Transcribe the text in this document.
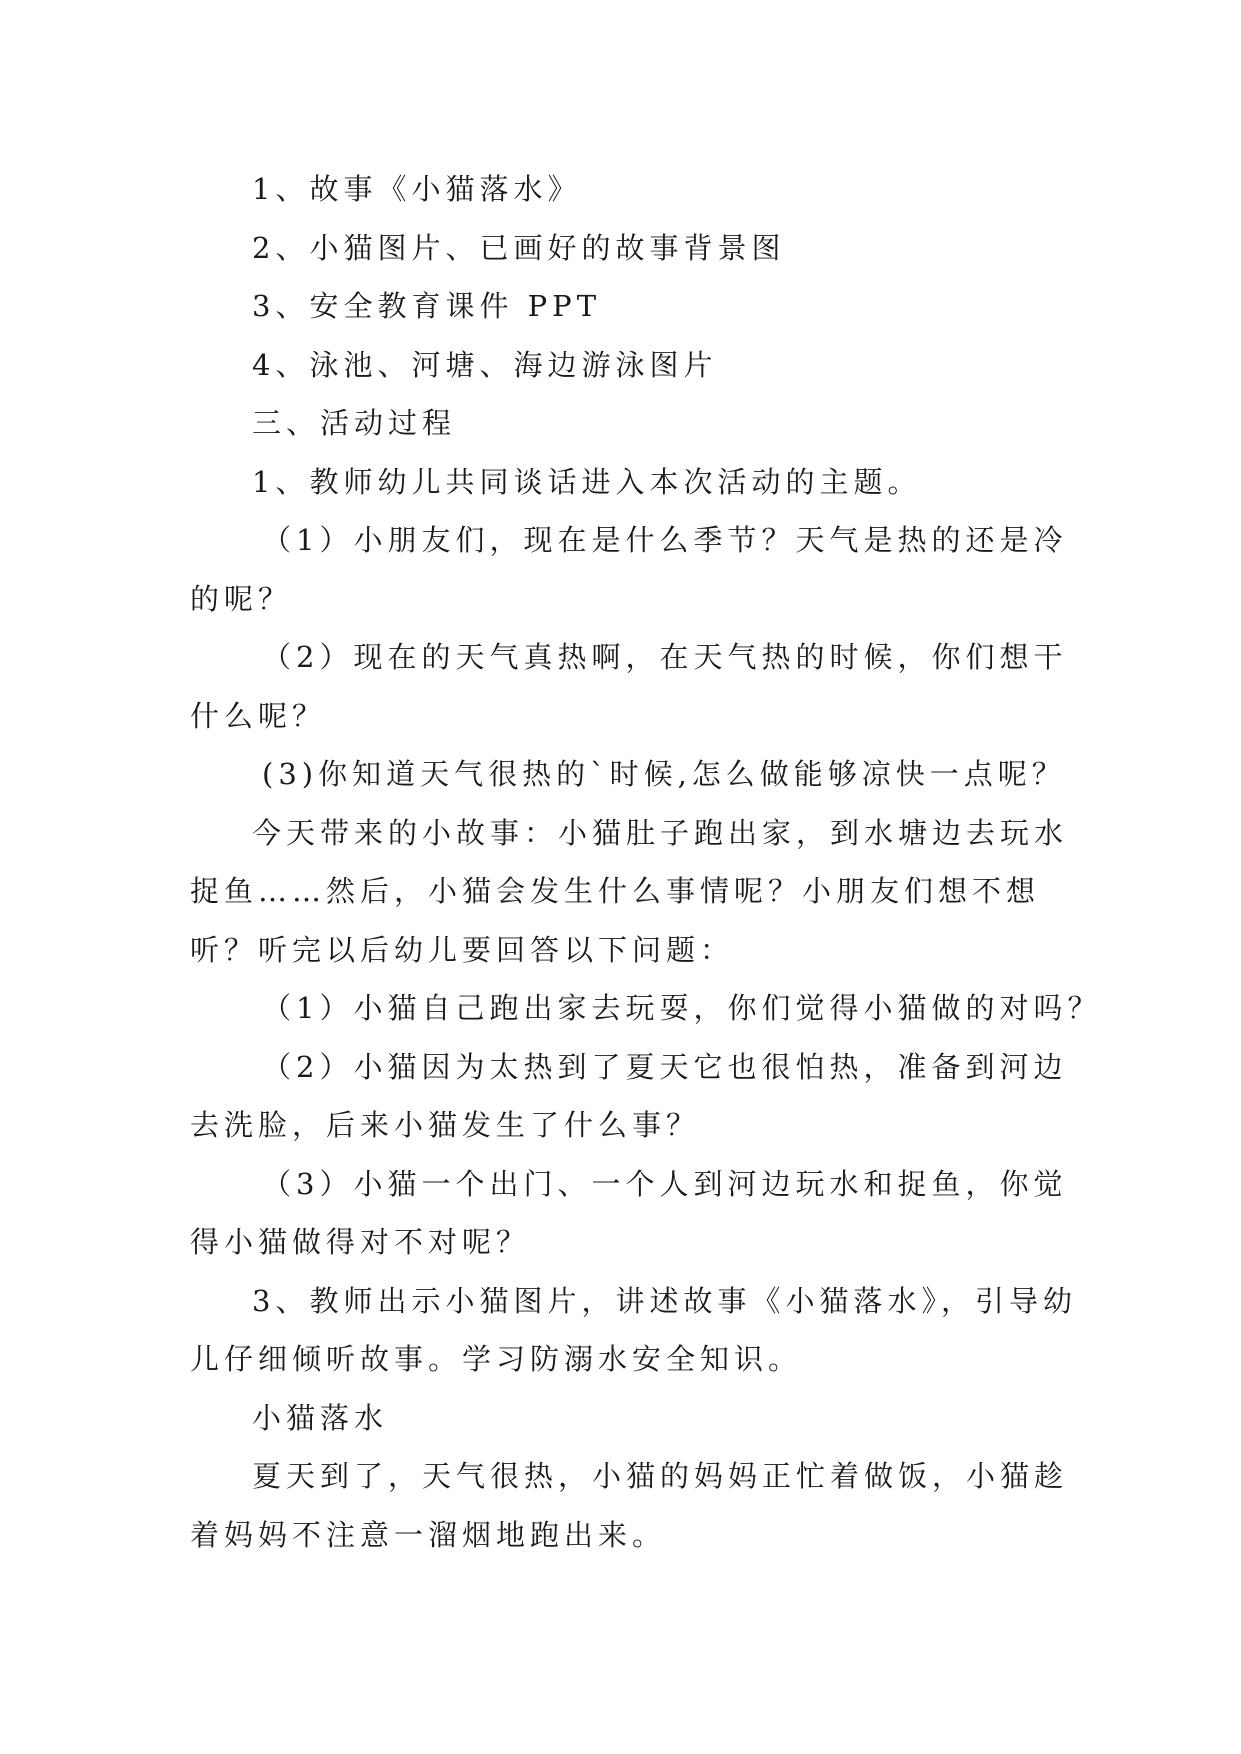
1、故事《小猫落水》

2、小猫图片、已画好的故事背景图

3、安全教育课件 PPT

4、泳池、河塘、海边游泳图片

三、活动过程

1、教师幼儿共同谈话进入本次活动的主题。

（1）小朋友们，现在是什么季节？天气是热的还是冷

的呢？

（2）现在的天气真热啊，在天气热的时候，你们想干

什么呢？

(3)你知道天气很热的`时候,怎么做能够凉快一点呢？

今天带来的小故事：小猫肚子跑出家，到水塘边去玩水

捉鱼……然后，小猫会发生什么事情呢？小朋友们想不想

听？听完以后幼儿要回答以下问题：

（1）小猫自己跑出家去玩耍，你们觉得小猫做的对吗？

（2）小猫因为太热到了夏天它也很怕热，准备到河边

去洗脸，后来小猫发生了什么事？

（3）小猫一个出门、一个人到河边玩水和捉鱼，你觉

得小猫做得对不对呢？

3、教师出示小猫图片，讲述故事《小猫落水》，引导幼

儿仔细倾听故事。学习防溺水安全知识。

小猫落水

夏天到了，天气很热，小猫的妈妈正忙着做饭，小猫趁

着妈妈不注意一溜烟地跑出来。
